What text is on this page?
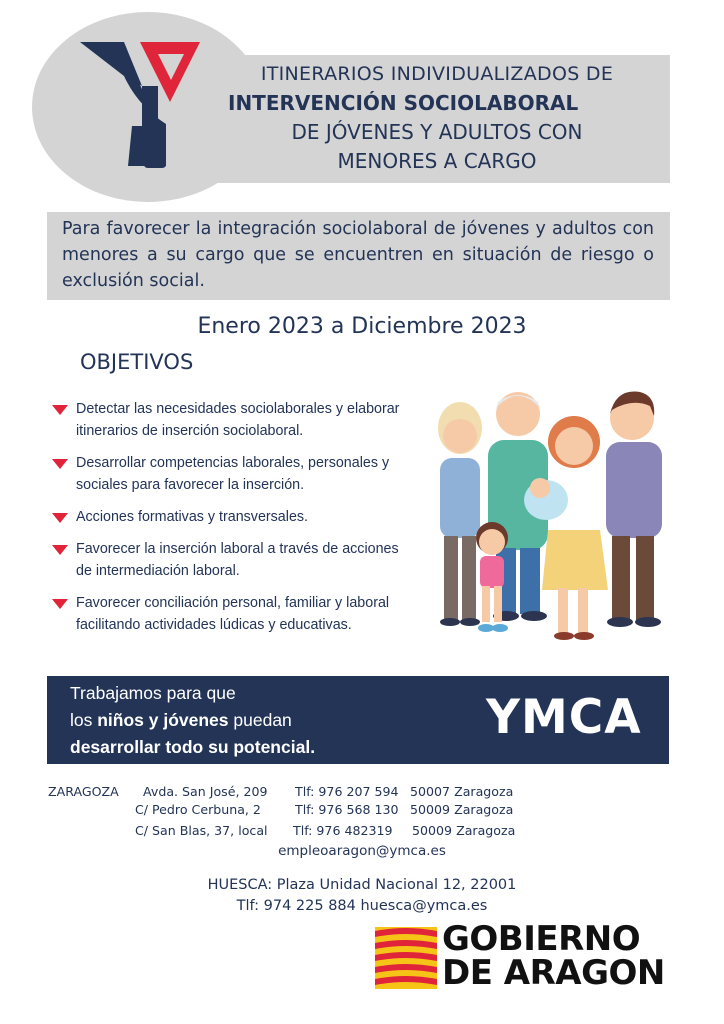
ITINERARIOS INDIVIDUALIZADOS DE
INTERVENCIÓN SOCIOLABORAL
DE JÓVENES Y ADULTOS CON
MENORES A CARGO

Para favorecer la integración sociolaboral de jóvenes y adultos con menores a su cargo que se encuentren en situación de riesgo o exclusión social.

Enero 2023 a Diciembre 2023
OBJETIVOS
Detectar las necesidades sociolaborales y elaborar itinerarios de inserción sociolaboral.
Desarrollar competencias laborales, personales y sociales para favorecer la inserción.
Acciones formativas y transversales.
Favorecer la inserción laboral a través de acciones de intermediación laboral.
Favorecer conciliación personal, familiar y laboral facilitando actividades lúdicas y educativas.
Trabajamos para que
los niños y jóvenes puedan
desarrollar todo su potencial.
YMCA
ZARAGOZA Avda. San José, 209 Tlf: 976 207 594 50007 Zaragoza
C/ Pedro Cerbuna, 2	Tlf: 976 568 130 50009 Zaragoza
C/ San Blas, 37, local Tlf: 976 482319 50009 Zaragoza
empleoaragon@ymca.es
HUESCA: Plaza Unidad Nacional 12, 22001
Tlf: 974 225 884 huesca@ymca.es
GOBIERNO
DE ARAGON
